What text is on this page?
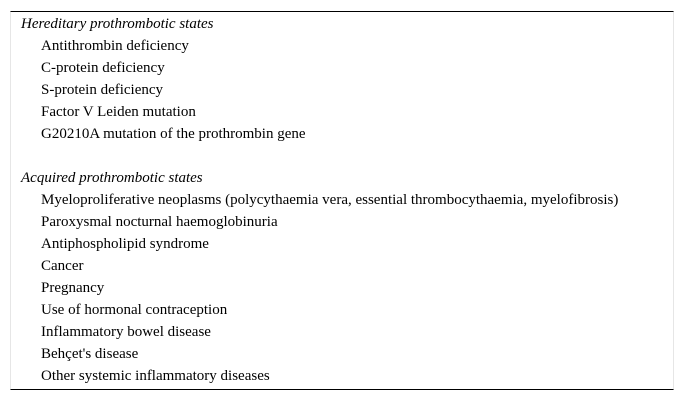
Hereditary prothrombotic states
Antithrombin deficiency
C-protein deficiency
S-protein deficiency
Factor V Leiden mutation
G20210A mutation of the prothrombin gene
Acquired prothrombotic states
Myeloproliferative neoplasms (polycythaemia vera, essential thrombocythaemia, myelofibrosis)
Paroxysmal nocturnal haemoglobinuria
Antiphospholipid syndrome
Cancer
Pregnancy
Use of hormonal contraception
Inflammatory bowel disease
Behçet's disease
Other systemic inflammatory diseases
